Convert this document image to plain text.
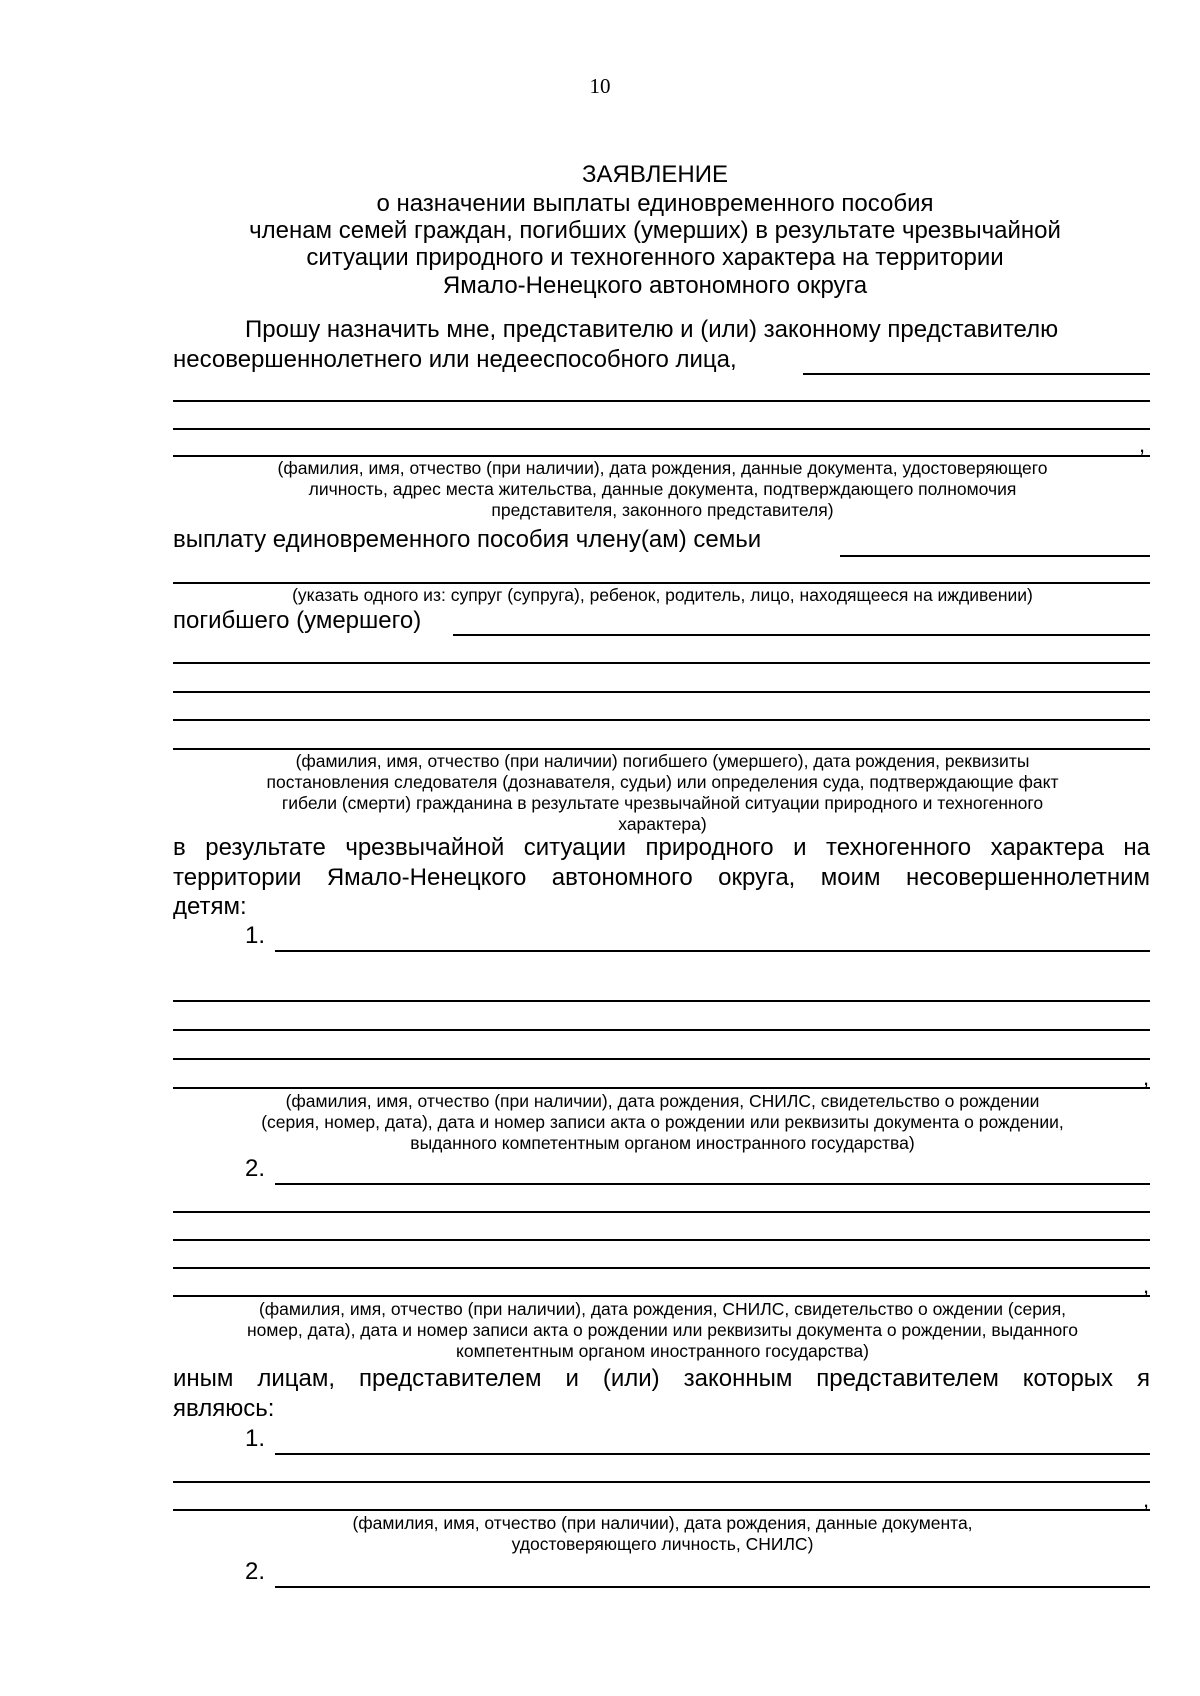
10
ЗАЯВЛЕНИЕ
о назначении выплаты единовременного пособия
членам семей граждан, погибших (умерших) в результате чрезвычайной
ситуации природного и техногенного характера на территории
Ямало-Ненецкого автономного округа
Прошу назначить мне, представителю и (или) законному представителю
несовершеннолетнего или недееспособного лица,
,
(фамилия, имя, отчество (при наличии), дата рождения, данные документа, удостоверяющего
личность, адрес места жительства, данные документа, подтверждающего полномочия
представителя, законного представителя)
выплату единовременного пособия члену(ам) семьи
(указать одного из: супруг (супруга), ребенок, родитель, лицо, находящееся на иждивении)
погибшего (умершего)
(фамилия, имя, отчество (при наличии) погибшего (умершего), дата рождения, реквизиты
постановления следователя (дознавателя, судьи) или определения суда, подтверждающие факт
гибели (смерти) гражданина в результате чрезвычайной ситуации природного и техногенного
характера)
в результате чрезвычайной ситуации природного и техногенного характера на
территории Ямало-Ненецкого автономного округа, моим несовершеннолетним
детям:
1.
,
(фамилия, имя, отчество (при наличии), дата рождения, СНИЛС, свидетельство о рождении
(серия, номер, дата), дата и номер записи акта о рождении или реквизиты документа о рождении,
выданного компетентным органом иностранного государства)
2.
,
(фамилия, имя, отчество (при наличии), дата рождения, СНИЛС, свидетельство о ождении (серия,
номер, дата), дата и номер записи акта о рождении или реквизиты документа о рождении, выданного
компетентным органом иностранного государства)
иным лицам, представителем и (или) законным представителем которых я
являюсь:
1.
,
(фамилия, имя, отчество (при наличии), дата рождения, данные документа,
удостоверяющего личность, СНИЛС)
2.
